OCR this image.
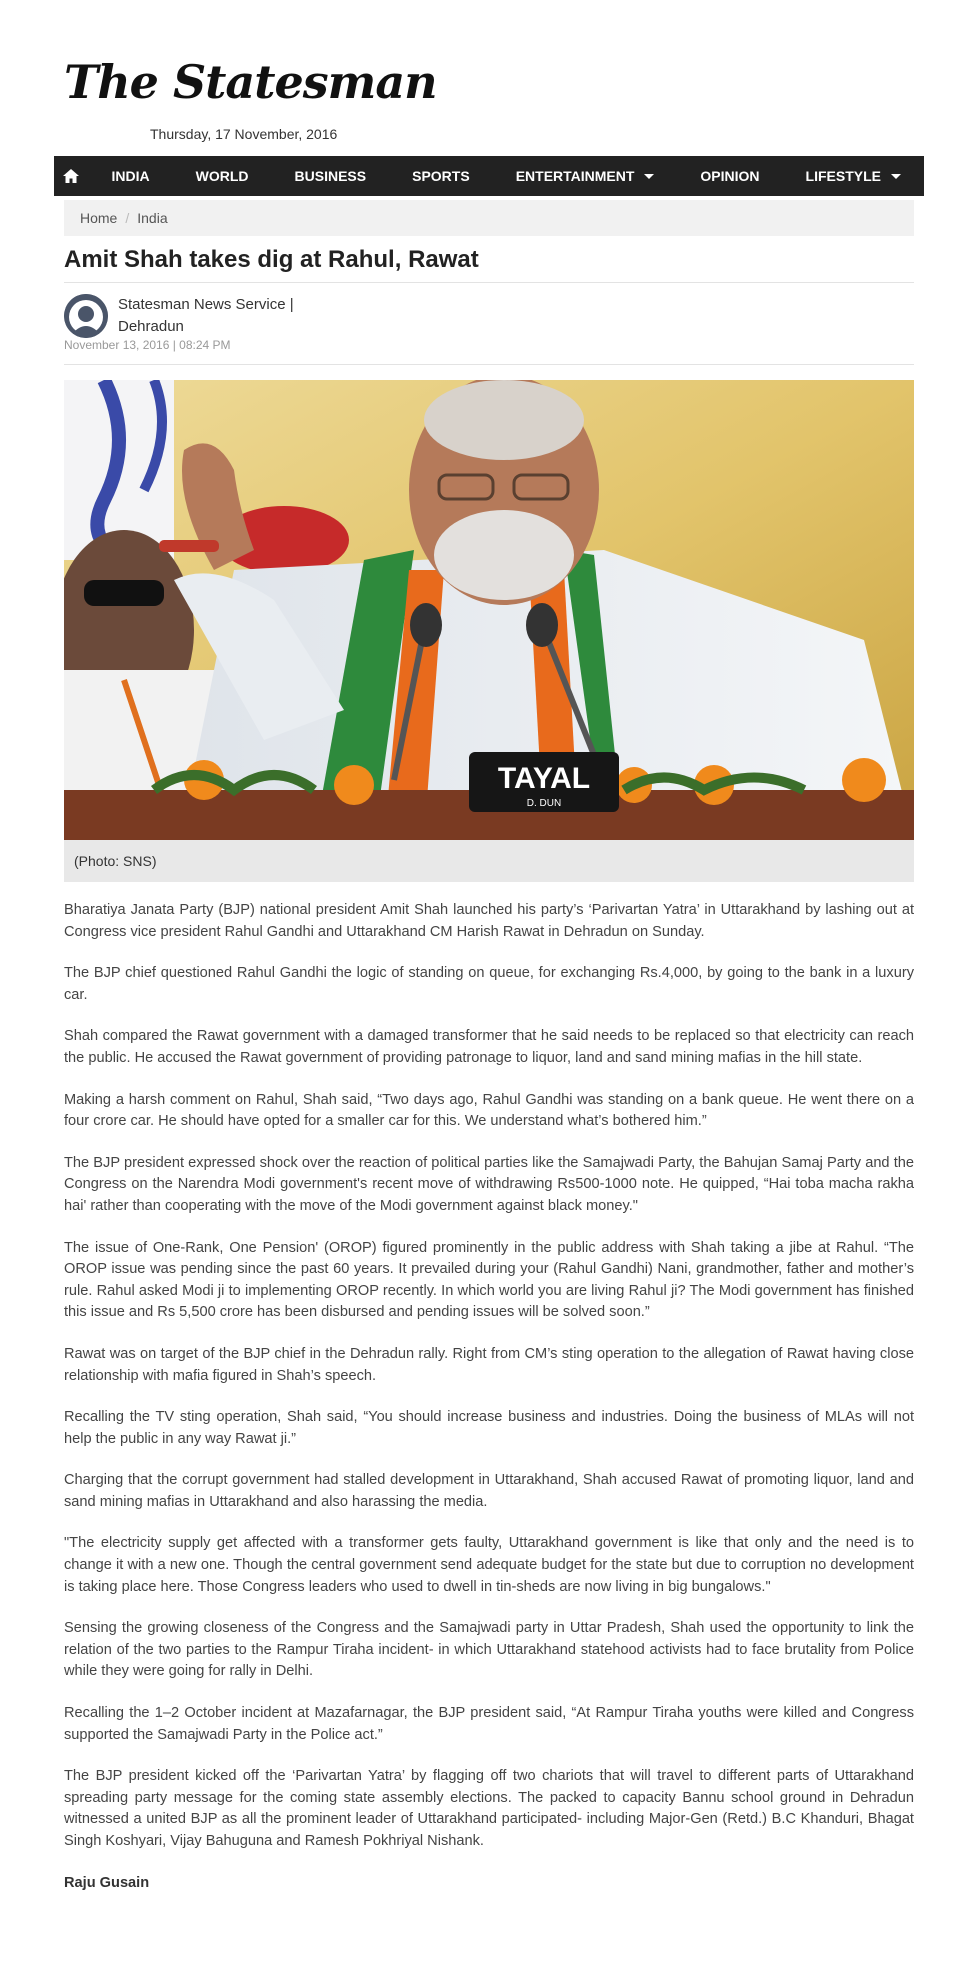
The Statesman
Thursday, 17 November, 2016
INDIA	WORLD	BUSINESS	SPORTS	ENTERTAINMENT	OPINION	LIFESTYLE
Home / India
Amit Shah takes dig at Rahul, Rawat
Statesman News Service |
Dehradun
November 13, 2016 | 08:24 PM
TAYAL
D. DUN
(Photo: SNS)

Bharatiya Janata Party (BJP) national president Amit Shah launched his party’s ‘Parivartan Yatra’ in Uttarakhand by lashing out at Congress vice president Rahul Gandhi and Uttarakhand CM Harish Rawat in Dehradun on Sunday.

The BJP chief questioned Rahul Gandhi the logic of standing on queue, for exchanging Rs.4,000, by going to the bank in a luxury car.

Shah compared the Rawat government with a damaged transformer that he said needs to be replaced so that electricity can reach the public. He accused the Rawat government of providing patronage to liquor, land and sand mining mafias in the hill state.

Making a harsh comment on Rahul, Shah said, “Two days ago, Rahul Gandhi was standing on a bank queue. He went there on a four crore car. He should have opted for a smaller car for this. We understand what’s bothered him.”

The BJP president expressed shock over the reaction of political parties like the Samajwadi Party, the Bahujan Samaj Party and the Congress on the Narendra Modi government's recent move of withdrawing Rs500-1000 note. He quipped, “Hai toba macha rakha hai' rather than cooperating with the move of the Modi government against black money."

The issue of One-Rank, One Pension' (OROP) figured prominently in the public address with Shah taking a jibe at Rahul. “The OROP issue was pending since the past 60 years. It prevailed during your (Rahul Gandhi) Nani, grandmother, father and mother’s rule. Rahul asked Modi ji to implementing OROP recently. In which world you are living Rahul ji? The Modi government has finished this issue and Rs 5,500 crore has been disbursed and pending issues will be solved soon.”

Rawat was on target of the BJP chief in the Dehradun rally. Right from CM’s sting operation to the allegation of Rawat having close relationship with mafia figured in Shah’s speech.

Recalling the TV sting operation, Shah said, “You should increase business and industries. Doing the business of MLAs will not help the public in any way Rawat ji.”

Charging that the corrupt government had stalled development in Uttarakhand, Shah accused Rawat of promoting liquor, land and sand mining mafias in Uttarakhand and also harassing the media.

"The electricity supply get affected with a transformer gets faulty, Uttarakhand government is like that only and the need is to change it with a new one. Though the central government send adequate budget for the state but due to corruption no development is taking place here. Those Congress leaders who used to dwell in tin-sheds are now living in big bungalows."

Sensing the growing closeness of the Congress and the Samajwadi party in Uttar Pradesh, Shah used the opportunity to link the relation of the two parties to the Rampur Tiraha incident- in which Uttarakhand statehood activists had to face brutality from Police while they were going for rally in Delhi.

Recalling the 1–2 October incident at Mazafarnagar, the BJP president said, “At Rampur Tiraha youths were killed and Congress supported the Samajwadi Party in the Police act.”

The BJP president kicked off the ‘Parivartan Yatra’ by flagging off two chariots that will travel to different parts of Uttarakhand spreading party message for the coming state assembly elections. The packed to capacity Bannu school ground in Dehradun witnessed a united BJP as all the prominent leader of Uttarakhand participated- including Major-Gen (Retd.) B.C Khanduri, Bhagat Singh Koshyari, Vijay Bahuguna and Ramesh Pokhriyal Nishank.

Raju Gusain
